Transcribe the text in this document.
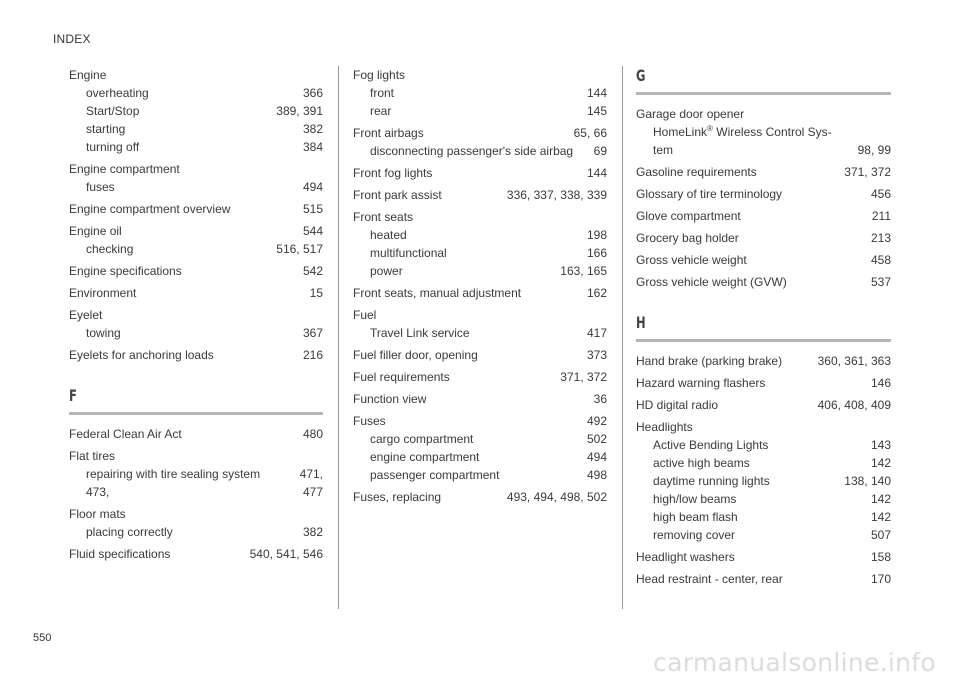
INDEX
Engine
overheating	366
Start/Stop	389, 391
starting	382
turning off	384
Engine compartment
fuses	494
Engine compartment overview	515
Engine oil	544
checking	516, 517
Engine specifications	542
Environment	15
Eyelet
towing	367
Eyelets for anchoring loads	216
F
Federal Clean Air Act	480
Flat tires
repairing with tire sealing system	471,
473,	477
Floor mats
placing correctly	382
Fluid specifications	540, 541, 546
Fog lights
front	144
rear	145
Front airbags	65, 66
disconnecting passenger's side airbag	69
Front fog lights	144
Front park assist	336, 337, 338, 339
Front seats
heated	198
multifunctional	166
power	163, 165
Front seats, manual adjustment	162
Fuel
Travel Link service	417
Fuel filler door, opening	373
Fuel requirements	371, 372
Function view	36
Fuses	492
cargo compartment	502
engine compartment	494
passenger compartment	498
Fuses, replacing	493, 494, 498, 502
G
Garage door opener
HomeLink® Wireless Control Sys-
tem	98, 99
Gasoline requirements	371, 372
Glossary of tire terminology	456
Glove compartment	211
Grocery bag holder	213
Gross vehicle weight	458
Gross vehicle weight (GVW)	537
H
Hand brake (parking brake)	360, 361, 363
Hazard warning flashers	146
HD digital radio	406, 408, 409
Headlights
Active Bending Lights	143
active high beams	142
daytime running lights	138, 140
high/low beams	142
high beam flash	142
removing cover	507
Headlight washers	158
Head restraint - center, rear	170
550
carmanualsonline.info
